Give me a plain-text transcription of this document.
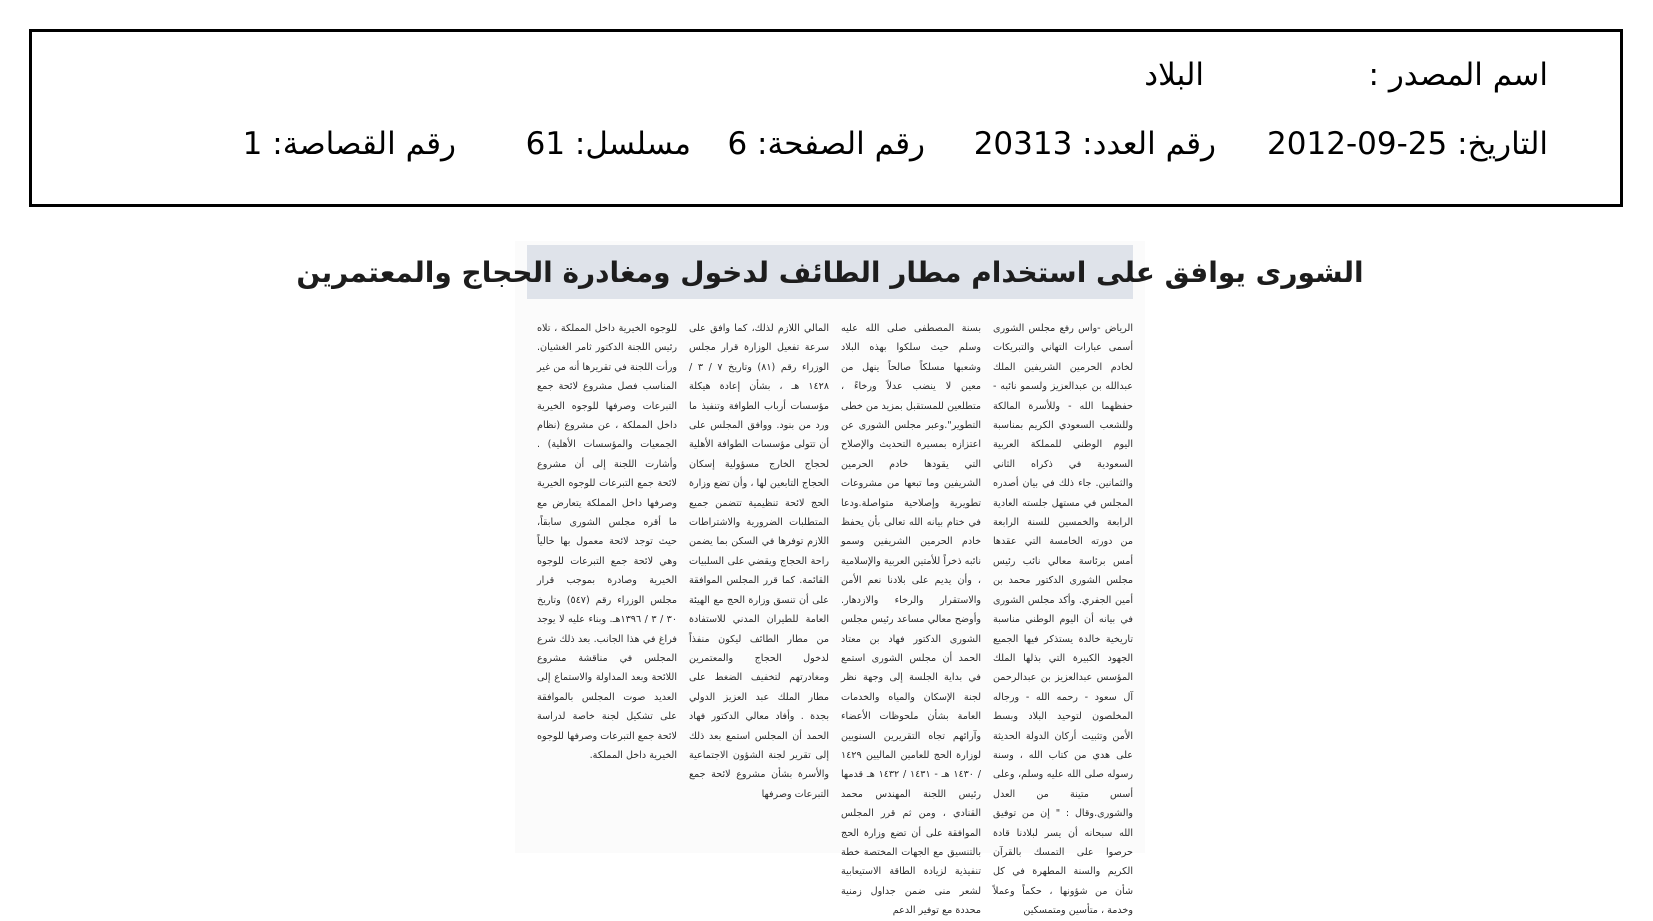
اسم المصدر :
البلاد
التاريخ: 25-09-2012
رقم العدد: 20313
رقم الصفحة: 6
مسلسل: 61
رقم القصاصة: 1
الشورى يوافق على استخدام مطار الطائف لدخول ومغادرة الحجاج والمعتمرين

الرياض -واس رفع مجلس الشورى أسمى عبارات التهاني والتبريكات لخادم الحرمين الشريفين الملك عبدالله بن عبدالعزيز ولسمو نائبه - حفظهما الله - وللأسرة المالكة وللشعب السعودي الكريم بمناسبة اليوم الوطني للمملكة العربية السعودية في ذكراه الثاني والثمانين. جاء ذلك في بيان أصدره المجلس في مستهل جلسته العادية الرابعة والخمسين للسنة الرابعة من دورته الخامسة التي عقدها أمس برئاسة معالي نائب رئيس مجلس الشورى الدكتور محمد بن أمين الجفري. وأكد مجلس الشورى في بيانه أن اليوم الوطني مناسبة تاريخية خالدة يستذكر فيها الجميع الجهود الكبيرة التي بذلها الملك المؤسس عبدالعزيز بن عبدالرحمن آل سعود - رحمه الله - ورجاله المخلصون لتوحيد البلاد وبسط الأمن وتثبيت أركان الدولة الحديثة على هدي من كتاب الله ، وسنة رسوله صلى الله عليه وسلم، وعلى أسس متينة من العدل والشورى.وقال : " إن من توفيق الله سبحانه أن يسر لبلادنا قادة حرصوا على التمسك بالقرآن الكريم والسنة المطهرة في كل شأن من شؤونها ، حكماً وعملاً وخدمة ، متأسين ومتمسكين

بسنة المصطفى صلى الله عليه وسلم حيث سلكوا بهذه البلاد وشعبها مسلكاً صالحاً ينهل من معين لا ينضب عدلاً ورخاءً ، متطلعين للمستقبل بمزيد من خطى التطوير".وعبر مجلس الشورى عن اعتزازه بمسيرة التحديث والإصلاح التي يقودها خادم الحرمين الشريفين وما تبعها من مشروعات تطويرية وإصلاحية متواصلة.ودعا في ختام بيانه الله تعالى بأن يحفظ خادم الحرمين الشريفين وسمو نائبه ذخراً للأمتين العربية والإسلامية ، وأن يديم على بلادنا نعم الأمن والاستقرار والرخاء والازدهار. وأوضح معالي مساعد رئيس مجلس الشورى الدكتور فهاد بن معتاد الحمد أن مجلس الشورى استمع في بداية الجلسة إلى وجهة نظر لجنة الإسكان والمياه والخدمات العامة بشأن ملحوظات الأعضاء وآرائهم تجاه التقريرين السنويين لوزارة الحج للعامين الماليين ١٤٢٩ / ١٤٣٠ هـ - ١٤٣١ / ١٤٣٢ هـ قدمها رئيس اللجنة المهندس محمد القنادي ، ومن ثم قرر المجلس الموافقة على أن تضع وزارة الحج بالتنسيق مع الجهات المختصة خطة تنفيذية لزيادة الطاقة الاستيعابية لشعر منى ضمن جداول زمنية محددة مع توفير الدعم

المالي اللازم لذلك، كما وافق على سرعة تفعيل الوزارة قرار مجلس الوزراء رقم (٨١) وتاريخ ٧ / ٣ / ١٤٢٨ هـ ، بشأن إعادة هيكلة مؤسسات أرباب الطوافة وتنفيذ ما ورد من بنود. ووافق المجلس على أن تتولى مؤسسات الطوافة الأهلية لحجاج الخارج مسؤولية إسكان الحجاج التابعين لها ، وأن تضع وزارة الحج لائحة تنظيمية تتضمن جميع المتطلبات الضرورية والاشتراطات اللازم توفرها في السكن بما يضمن راحة الحجاج ويقضي على السلبيات القائمة. كما قرر المجلس الموافقة على أن تنسق وزارة الحج مع الهيئة العامة للطيران المدني للاستفادة من مطار الطائف ليكون منفذاً لدخول الحجاج والمعتمرين ومغادرتهم لتخفيف الضغط على مطار الملك عبد العزيز الدولي بجدة . وأفاد معالي الدكتور فهاد الحمد أن المجلس استمع بعد ذلك إلى تقرير لجنة الشؤون الاجتماعية والأسرة بشأن مشروع لائحة جمع التبرعات وصرفها

للوجوه الخيرية داخل المملكة ، تلاه رئيس اللجنة الدكتور ثامر الغشيان. ورأت اللجنة في تقريرها أنه من غير المناسب فصل مشروع لائحة جمع التبرعات وصرفها للوجوه الخيرية داخل المملكة ، عن مشروع (نظام الجمعيات والمؤسسات الأهلية) . وأشارت اللجنة إلى أن مشروع لائحة جمع التبرعات للوجوه الخيرية وصرفها داخل المملكة يتعارض مع ما أقره مجلس الشورى سابقاً، حيث توجد لائحة معمول بها حالياً وهي لائحة جمع التبرعات للوجوه الخيرية وصادرة بموجب قرار مجلس الوزراء رقم (٥٤٧) وتاريخ ٣٠ / ٣ / ١٣٩٦هـ. وبناء عليه لا يوجد فراغ في هذا الجانب. بعد ذلك شرع المجلس في مناقشة مشروع اللائحة وبعد المداولة والاستماع إلى العديد صوت المجلس بالموافقة على تشكيل لجنة خاصة لدراسة لائحة جمع التبرعات وصرفها للوجوه الخيرية داخل المملكة.
